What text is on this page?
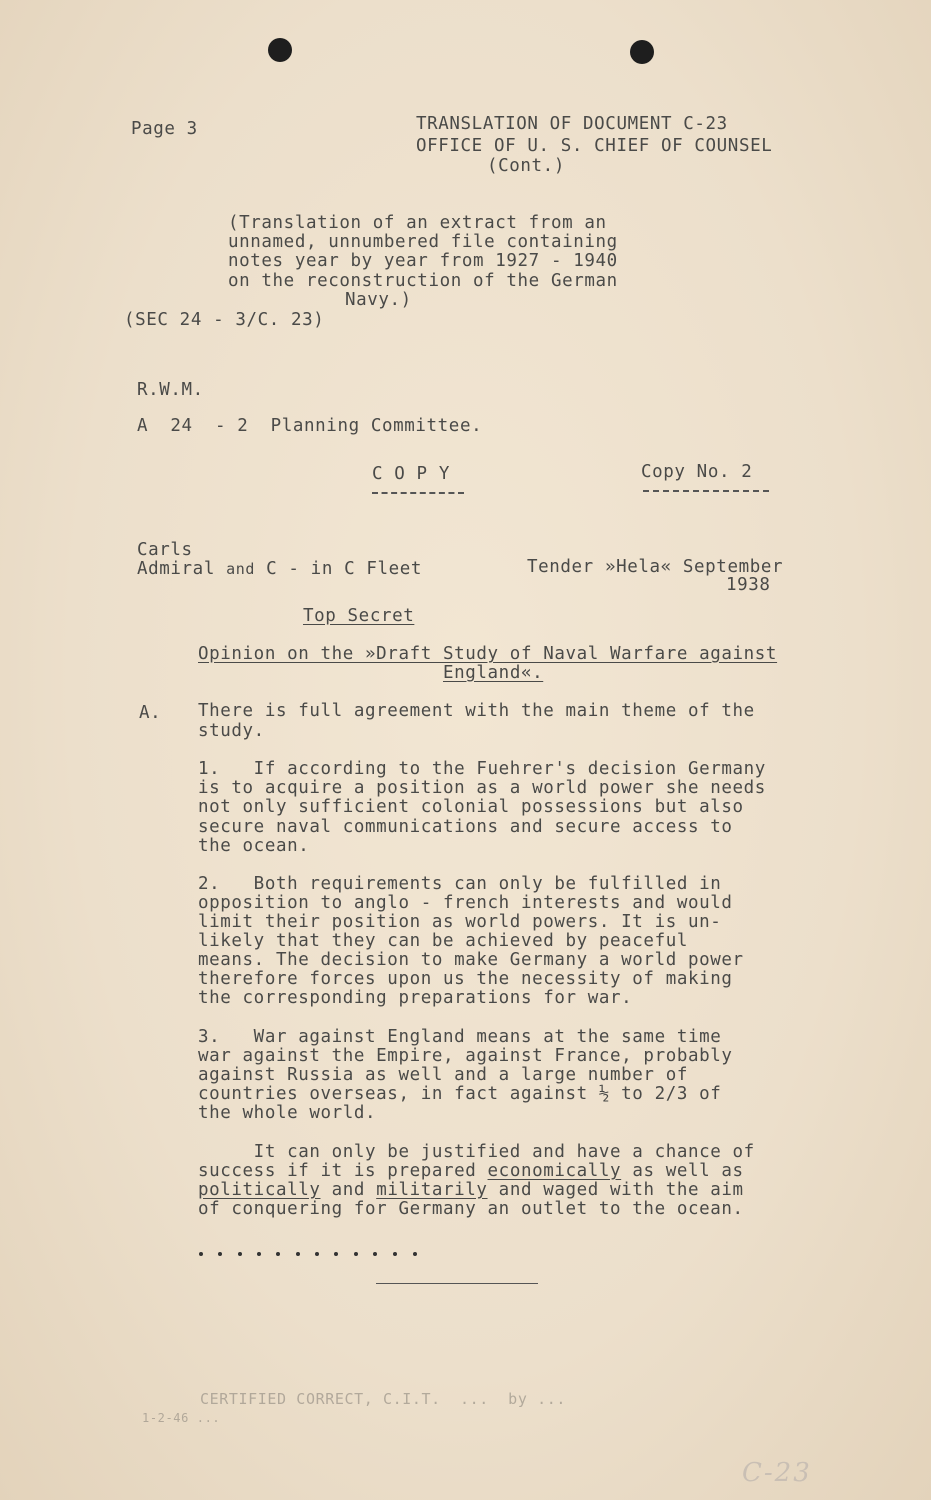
Page 3	TRANSLATION OF DOCUMENT C-23
OFFICE OF U. S. CHIEF OF COUNSEL
(Cont.)
(Translation of an extract from an
unnamed, unnumbered file containing
notes year by year from 1927 - 1940
on the reconstruction of the German
Navy.)
(SEC 24 - 3/C. 23)
R.W.M.
A  24  - 2  Planning Committee.
C O P Y	Copy No. 2
Carls
Admiral and C - in C Fleet	Tender »Hela« September
1938
Top Secret
Opinion on the »Draft Study of Naval Warfare against
England«.
A. There is full agreement with the main theme of the
study.
1.   If according to the Fuehrer's decision Germany
is to acquire a position as a world power she needs
not only sufficient colonial possessions but also
secure naval communications and secure access to
the ocean.
2.   Both requirements can only be fulfilled in
opposition to anglo - french interests and would
limit their position as world powers. It is un-
likely that they can be achieved by peaceful
means. The decision to make Germany a world power
therefore forces upon us the necessity of making
the corresponding preparations for war.
3.   War against England means at the same time
war against the Empire, against France, probably
against Russia as well and a large number of
countries overseas, in fact against ½ to 2/3 of
the whole world.
It can only be justified and have a chance of
success if it is prepared economically as well as
politically and militarily and waged with the aim
of conquering for Germany an outlet to the ocean.
CERTIFIED CORRECT, C.I.T.  ...  by ...
1-2-46 ...
C-23
